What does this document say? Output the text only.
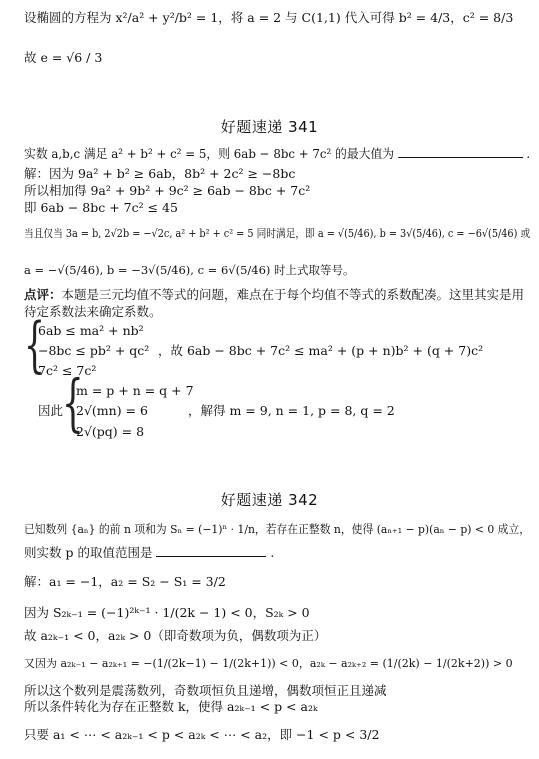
设椭圆的方程为 x²/a² + y²/b² = 1，将 a = 2 与 C(1,1) 代入可得 b² = 4/3，c² = 8/3
故 e = √6 / 3
好题速递 341
实数 a,b,c 满足 a² + b² + c² = 5，则 6ab − 8bc + 7c² 的最大值为	.
解：因为 9a² + b² ≥ 6ab，8b² + 2c² ≥ −8bc
所以相加得 9a² + 9b² + 9c² ≥ 6ab − 8bc + 7c²
即 6ab − 8bc + 7c² ≤ 45
当且仅当 3a = b, 2√2b = −√2c, a² + b² + c² = 5 同时满足，即 a = √(5/46), b = 3√(5/46), c = −6√(5/46) 或
a = −√(5/46), b = −3√(5/46), c = 6√(5/46) 时上式取等号。
点评：本题是三元均值不等式的问题，难点在于每个均值不等式的系数配凑。这里其实是用
待定系数法来确定系数。
{
6ab ≤ ma² + nb²
−8bc ≤ pb² + qc²
7c² ≤ 7c²
，故 6ab − 8bc + 7c² ≤ ma² + (p + n)b² + (q + 7)c²
因此
{
m = p + n = q + 7
2√(mn) = 6
2√(pq) = 8
，解得 m = 9, n = 1, p = 8, q = 2
好题速递 342
已知数列 {aₙ} 的前 n 项和为 Sₙ = (−1)ⁿ · 1/n，若存在正整数 n，使得 (aₙ₊₁ − p)(aₙ − p) < 0 成立，
则实数 p 的取值范围是	.
解：a₁ = −1，a₂ = S₂ − S₁ = 3/2
因为 S₂ₖ₋₁ = (−1)²ᵏ⁻¹ · 1/(2k − 1) < 0，S₂ₖ > 0
故 a₂ₖ₋₁ < 0，a₂ₖ > 0（即奇数项为负，偶数项为正）
又因为 a₂ₖ₋₁ − a₂ₖ₊₁ = −(1/(2k−1) − 1/(2k+1)) < 0，a₂ₖ − a₂ₖ₊₂ = (1/(2k) − 1/(2k+2)) > 0
所以这个数列是震荡数列，奇数项恒负且递增，偶数项恒正且递减
所以条件转化为存在正整数 k，使得 a₂ₖ₋₁ < p < a₂ₖ
只要 a₁ < ⋯ < a₂ₖ₋₁ < p < a₂ₖ < ⋯ < a₂，即 −1 < p < 3/2
